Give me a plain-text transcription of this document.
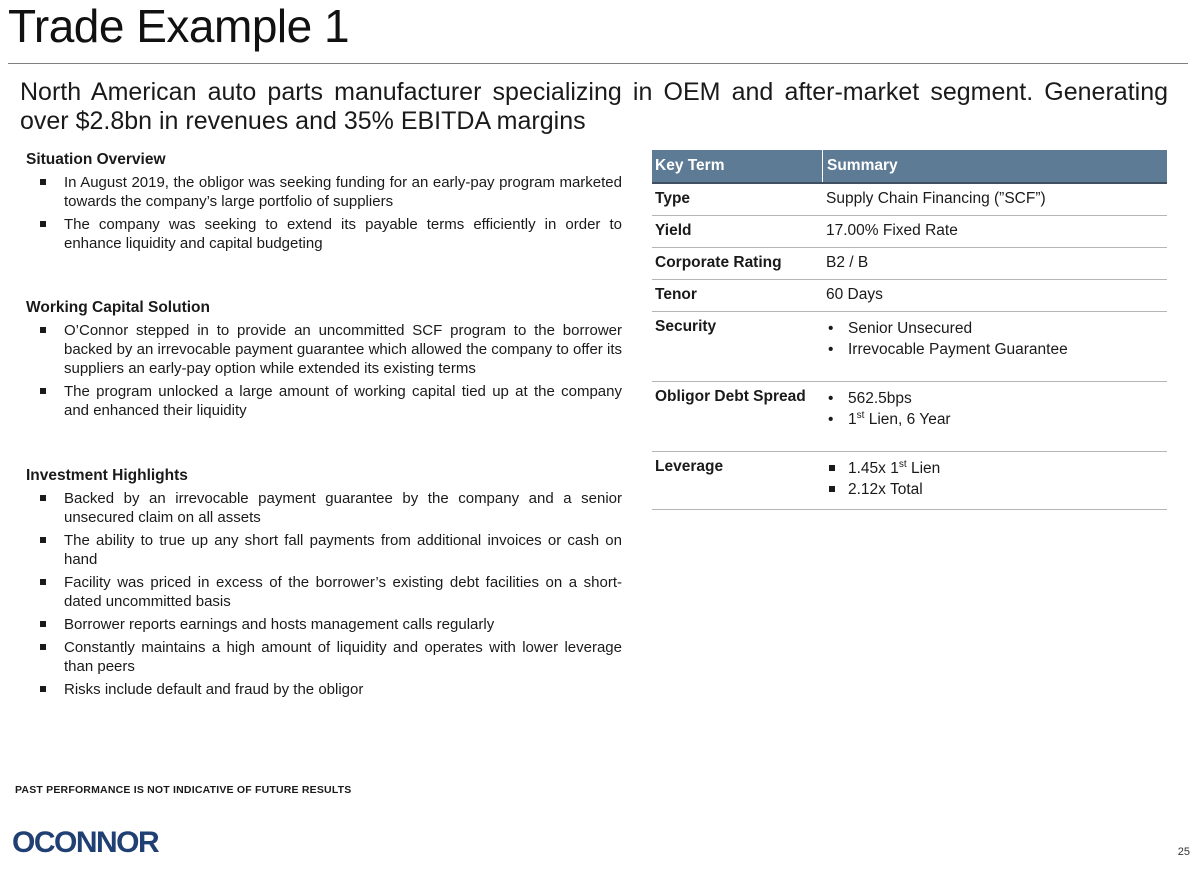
Trade Example 1
North American auto parts manufacturer specializing in OEM and after-market segment. Generating over $2.8bn in revenues and 35% EBITDA margins
Situation Overview
In August 2019, the obligor was seeking funding for an early-pay program marketed towards the company’s large portfolio of suppliers
The company was seeking to extend its payable terms efficiently in order to enhance liquidity and capital budgeting
Working Capital Solution
O’Connor stepped in to provide an uncommitted SCF program to the borrower backed by an irrevocable payment guarantee which allowed the company to offer its suppliers an early-pay option while extended its existing terms
The program unlocked a large amount of working capital tied up at the company and enhanced their liquidity
Investment Highlights
Backed by an irrevocable payment guarantee by the company and a senior unsecured claim on all assets
The ability to true up any short fall payments from additional invoices or cash on hand
Facility was priced in excess of the borrower’s existing debt facilities on a short-dated uncommitted basis
Borrower reports earnings and hosts management calls regularly
Constantly maintains a high amount of liquidity and operates with lower leverage than peers
Risks include default and fraud by the obligor
Key Term	Summary
Type	Supply Chain Financing (”SCF”)
Yield	17.00% Fixed Rate
Corporate Rating	B2 / B
Tenor	60 Days
Security	• Senior Unsecured
• Irrevocable Payment Guarantee
Obligor Debt Spread	• 562.5bps
• 1st Lien, 6 Year
Leverage	1.45x 1st Lien
2.12x Total
PAST PERFORMANCE IS NOT INDICATIVE OF FUTURE RESULTS
OCONNOR	25
